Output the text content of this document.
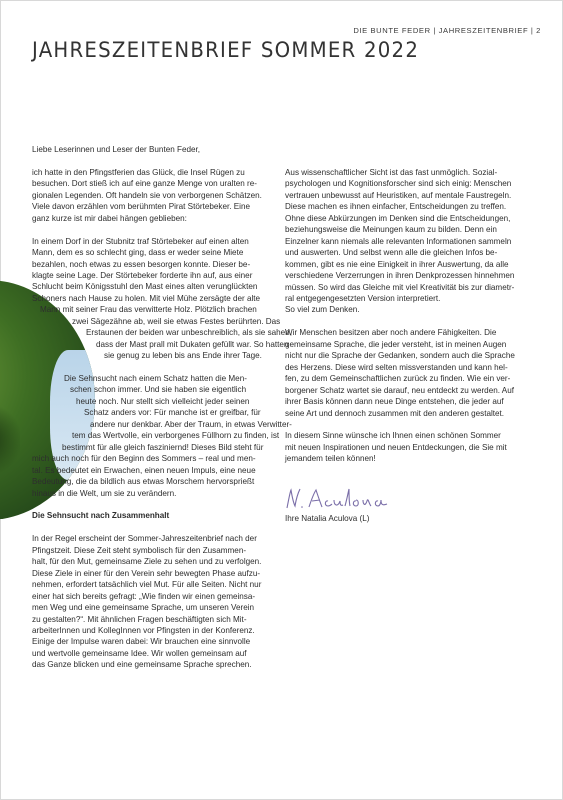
DIE BUNTE FEDER | JAHRESZEITENBRIEF | 2
JAHRESZEITENBRIEF SOMMER 2022

Liebe Leserinnen und Leser der Bunten Feder,

ich hatte in den Pfingstferien das Glück, die Insel Rügen zu
besuchen. Dort stieß ich auf eine ganze Menge von uralten re-
gionalen Legenden. Oft handeln sie von verborgenen Schätzen.
Viele davon erzählen vom berühmten Pirat Störtebeker. Eine
ganz kurze ist mir dabei hängen geblieben:

In einem Dorf in der Stubnitz traf Störtebeker auf einen alten
Mann, dem es so schlecht ging, dass er weder seine Miete
bezahlen, noch etwas zu essen besorgen konnte. Dieser be-
klagte seine Lage. Der Störtebeker forderte ihn auf, aus einer
Schlucht beim Königsstuhl den Mast eines alten verunglückten
Schoners nach Hause zu holen. Mit viel Mühe zersägte der alte
Mann mit seiner Frau das verwitterte Holz. Plötzlich brachen
zwei Sägezähne ab, weil sie etwas Festes berührten. Das
Erstaunen der beiden war unbeschreiblich, als sie sahen,
dass der Mast prall mit Dukaten gefüllt war. So hatten
sie genug zu leben bis ans Ende ihrer Tage.

Die Sehnsucht nach einem Schatz hatten die Men-
schen schon immer. Und sie haben sie eigentlich
heute noch. Nur stellt sich vielleicht jeder seinen
Schatz anders vor: Für manche ist er greifbar, für
andere nur denkbar. Aber der Traum, in etwas Verwitter-
tem das Wertvolle, ein verborgenes Füllhorn zu finden, ist
bestimmt für alle gleich fasziniernd! Dieses Bild steht für
mich auch noch für den Beginn des Sommers – real und men-
tal. Es bedeutet ein Erwachen, einen neuen Impuls, eine neue
Bedeutung, die da bildlich aus etwas Morschem hervorsprießt
hinaus in die Welt, um sie zu verändern.

Die Sehnsucht nach Zusammenhalt

In der Regel erscheint der Sommer-Jahreszeitenbrief nach der
Pfingstzeit. Diese Zeit steht symbolisch für den Zusammen-
halt, für den Mut, gemeinsame Ziele zu sehen und zu verfolgen.
Diese Ziele in einer für den Verein sehr bewegten Phase aufzu-
nehmen, erfordert tatsächlich viel Mut. Für alle Seiten. Nicht nur
einer hat sich bereits gefragt: „Wie finden wir einen gemeinsa-
men Weg und eine gemeinsame Sprache, um unseren Verein
zu gestalten?“. Mit ähnlichen Fragen beschäftigten sich Mit-
arbeiterInnen und KollegInnen vor Pfingsten in der Konferenz.
Einige der Impulse waren dabei: Wir brauchen eine sinnvolle
und wertvolle gemeinsame Idee. Wir wollen gemeinsam auf
das Ganze blicken und eine gemeinsame Sprache sprechen.

Aus wissenschaftlicher Sicht ist das fast unmöglich. Sozial-
psychologen und Kognitionsforscher sind sich einig: Menschen
vertrauen unbewusst auf Heuristiken, auf mentale Faustregeln.
Diese machen es ihnen einfacher, Entscheidungen zu treffen.
Ohne diese Abkürzungen im Denken sind die Entscheidungen,
beziehungsweise die Meinungen kaum zu bilden. Denn ein
Einzelner kann niemals alle relevanten Informationen sammeln
und auswerten. Und selbst wenn alle die gleichen Infos be-
kommen, gibt es nie eine Einigkeit in ihrer Auswertung, da alle
verschiedene Verzerrungen in ihren Denkprozessen hinnehmen
müssen. So wird das Gleiche mit viel Kreativität bis zur diametr-
ral entgegengesetzten Version interpretiert.
So viel zum Denken.

Wir Menschen besitzen aber noch andere Fähigkeiten. Die
gemeinsame Sprache, die jeder versteht, ist in meinen Augen
nicht nur die Sprache der Gedanken, sondern auch die Sprache
des Herzens. Diese wird selten missverstanden und kann hel-
fen, zu dem Gemeinschaftlichen zurück zu finden. Wie ein ver-
borgener Schatz wartet sie darauf, neu entdeckt zu werden. Auf
ihrer Basis können dann neue Dinge entstehen, die jeder auf
seine Art und dennoch zusammen mit den anderen gestaltet.

In diesem Sinne wünsche ich Ihnen einen schönen Sommer
mit neuen Inspirationen und neuen Entdeckungen, die Sie mit
jemandem teilen können!

Ihre Natalia Aculova (L)
